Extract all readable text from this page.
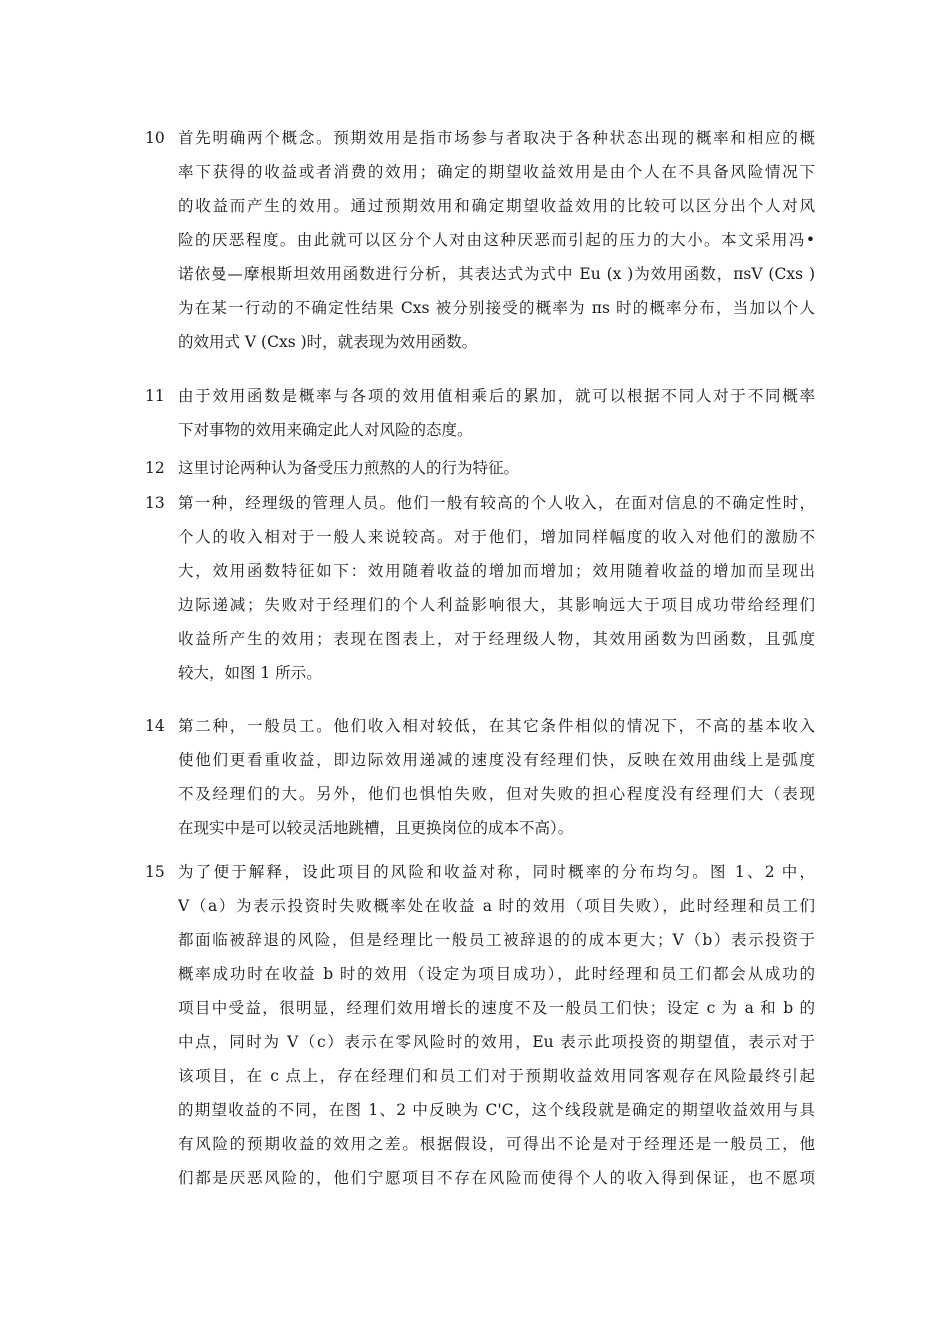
10 首先明确两个概念。预期效用是指市场参与者取决于各种状态出现的概率和相应的概
率下获得的收益或者消费的效用；确定的期望收益效用是由个人在不具备风险情况下
的收益而产生的效用。通过预期效用和确定期望收益效用的比较可以区分出个人对风
险的厌恶程度。由此就可以区分个人对由这种厌恶而引起的压力的大小。本文采用冯•
诺依曼—摩根斯坦效用函数进行分析，其表达式为式中 Eu (x )为效用函数，πsV (Cxs )
为在某一行动的不确定性结果 Cxs 被分别接受的概率为 πs 时的概率分布，当加以个人
的效用式 V (Cxs )时，就表现为效用函数。
11 由于效用函数是概率与各项的效用值相乘后的累加，就可以根据不同人对于不同概率
下对事物的效用来确定此人对风险的态度。
12 这里讨论两种认为备受压力煎熬的人的行为特征。
13 第一种，经理级的管理人员。他们一般有较高的个人收入，在面对信息的不确定性时，
个人的收入相对于一般人来说较高。对于他们，增加同样幅度的收入对他们的激励不
大，效用函数特征如下：效用随着收益的增加而增加；效用随着收益的增加而呈现出
边际递减；失败对于经理们的个人利益影响很大，其影响远大于项目成功带给经理们
收益所产生的效用；表现在图表上，对于经理级人物，其效用函数为凹函数，且弧度
较大，如图 1 所示。
14 第二种，一般员工。他们收入相对较低，在其它条件相似的情况下，不高的基本收入
使他们更看重收益，即边际效用递减的速度没有经理们快，反映在效用曲线上是弧度
不及经理们的大。另外，他们也惧怕失败，但对失败的担心程度没有经理们大（表现
在现实中是可以较灵活地跳槽，且更换岗位的成本不高）。
15 为了便于解释，设此项目的风险和收益对称，同时概率的分布均匀。图 1、2 中，
V（a）为表示投资时失败概率处在收益 a 时的效用（项目失败），此时经理和员工们
都面临被辞退的风险，但是经理比一般员工被辞退的的成本更大；V（b）表示投资于
概率成功时在收益 b 时的效用（设定为项目成功），此时经理和员工们都会从成功的
项目中受益，很明显，经理们效用增长的速度不及一般员工们快；设定 c 为 a 和 b 的
中点，同时为 V（c）表示在零风险时的效用，Eu 表示此项投资的期望值，表示对于
该项目，在 c 点上，存在经理们和员工们对于预期收益效用同客观存在风险最终引起
的期望收益的不同，在图 1、2 中反映为 C'C，这个线段就是确定的期望收益效用与具
有风险的预期收益的效用之差。根据假设，可得出不论是对于经理还是一般员工，他
们都是厌恶风险的，他们宁愿项目不存在风险而使得个人的收入得到保证，也不愿项
